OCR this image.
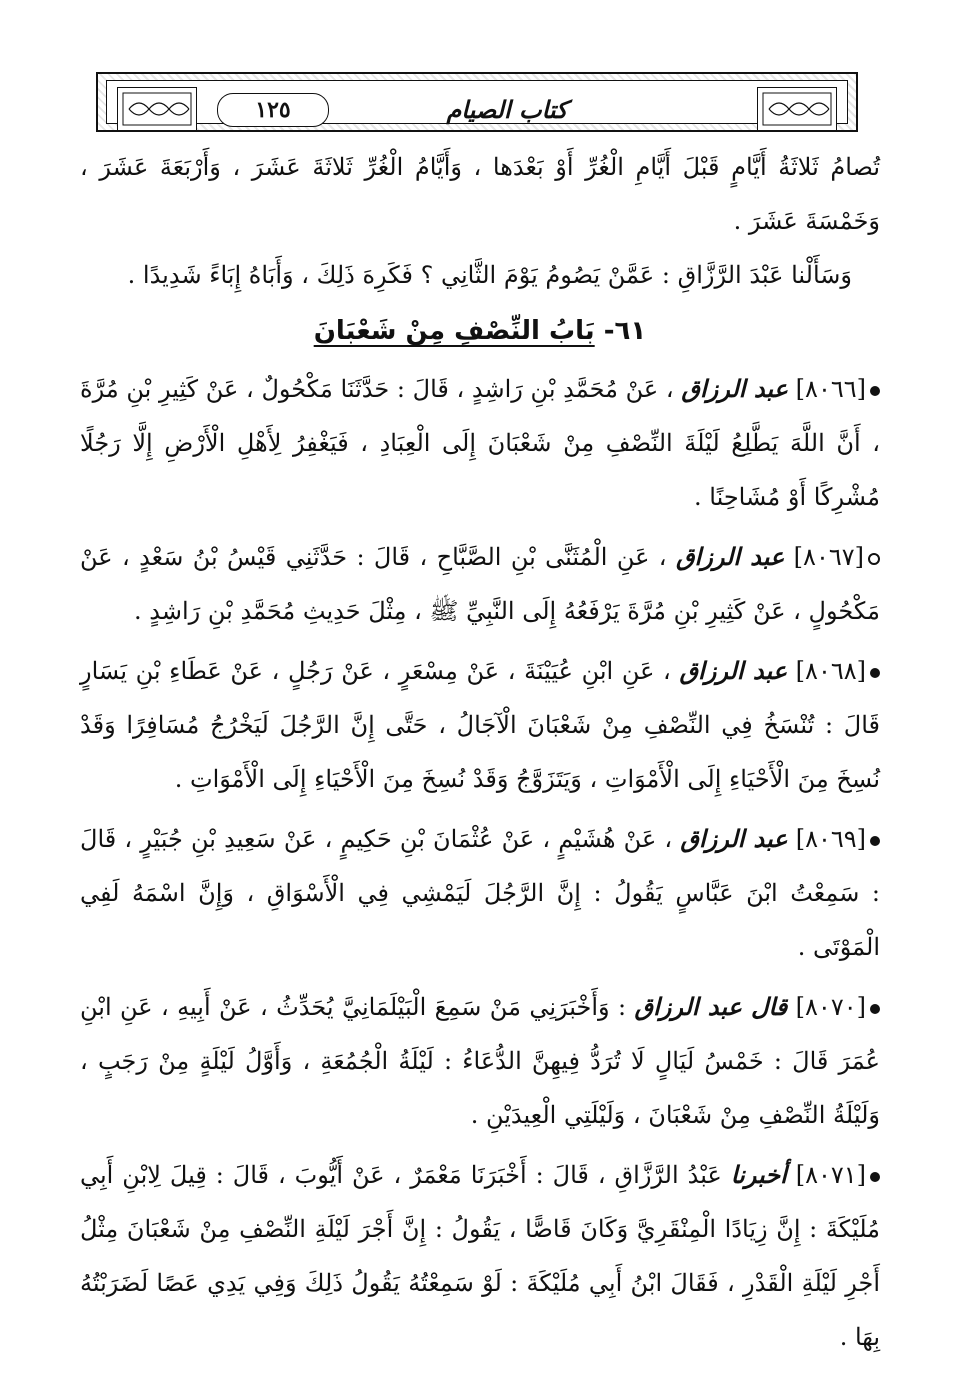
١٢٥	كتاب الصيام

تُصامُ ثَلاثَةُ أَيَّامٍ قَبْلَ أَيَّامِ الْغُرِّ أَوْ بَعْدَها ، وَأَيَّامُ الْغُرِّ ثَلاثَةَ عَشَرَ ، وَأَرْبَعَةَ عَشَرَ ، وَخَمْسَةَ عَشَرَ .

وَسَأَلْنا عَبْدَ الرَّزَّاقِ : عَمَّنْ يَصُومُ يَوْمَ الثَّانِي ؟ فَكَرِهَ ذَلِكَ ، وَأَبَاهُ إِبَاءً شَدِيدًا .

٦١- بَابُ النِّصْفِ مِنْ شَعْبَانَ

[٨٠٦٦] عبد الرزاق ، عَنْ مُحَمَّدِ بْنِ رَاشِدٍ ، قَالَ : حَدَّثَنَا مَكْحُولٌ ، عَنْ كَثِيرِ بْنِ مُرَّةَ ، أَنَّ اللَّهَ يَطَّلِعُ لَيْلَةَ النِّصْفِ مِنْ شَعْبَانَ إِلَى الْعِبَادِ ، فَيَغْفِرُ لِأَهْلِ الْأَرْضِ إِلَّا رَجُلًا مُشْرِكًا أَوْ مُشَاحِنًا .

[٨٠٦٧] عبد الرزاق ، عَنِ الْمُثَنَّى بْنِ الصَّبَّاحِ ، قَالَ : حَدَّثَنِي قَيْسُ بْنُ سَعْدٍ ، عَنْ مَكْحُولٍ ، عَنْ كَثِيرِ بْنِ مُرَّةَ يَرْفَعُهُ إِلَى النَّبِيِّ ﷺ ، مِثْلَ حَدِيثِ مُحَمَّدِ بْنِ رَاشِدٍ .

[٨٠٦٨] عبد الرزاق ، عَنِ ابْنِ عُيَيْنَةَ ، عَنْ مِسْعَرٍ ، عَنْ رَجُلٍ ، عَنْ عَطَاءِ بْنِ يَسَارٍ قَالَ : تُنْسَخُ فِي النِّصْفِ مِنْ شَعْبَانَ الْآجَالُ ، حَتَّى إِنَّ الرَّجُلَ لَيَخْرُجُ مُسَافِرًا وَقَدْ نُسِخَ مِنَ الْأَحْيَاءِ إِلَى الْأَمْوَاتِ ، وَيَتَزَوَّجُ وَقَدْ نُسِخَ مِنَ الْأَحْيَاءِ إِلَى الْأَمْوَاتِ .

[٨٠٦٩] عبد الرزاق ، عَنْ هُشَيْمٍ ، عَنْ عُثْمَانَ بْنِ حَكِيمٍ ، عَنْ سَعِيدِ بْنِ جُبَيْرٍ ، قَالَ : سَمِعْتُ ابْنَ عَبَّاسٍ يَقُولُ : إِنَّ الرَّجُلَ لَيَمْشِي فِي الْأَسْوَاقِ ، وَإِنَّ اسْمَهُ لَفِي الْمَوْتَى .

[٨٠٧٠] قال عبد الرزاق : وَأَخْبَرَنِي مَنْ سَمِعَ الْبَيْلَمَانِيَّ يُحَدِّثُ ، عَنْ أَبِيهِ ، عَنِ ابْنِ عُمَرَ قَالَ : خَمْسُ لَيَالٍ لَا تُرَدُّ فِيهِنَّ الدُّعَاءُ : لَيْلَةُ الْجُمُعَةِ ، وَأَوَّلُ لَيْلَةٍ مِنْ رَجَبٍ ، وَلَيْلَةُ النِّصْفِ مِنْ شَعْبَانَ ، وَلَيْلَتِي الْعِيدَيْنِ .

[٨٠٧١] أخبرنا عَبْدُ الرَّزَّاقِ ، قَالَ : أَخْبَرَنَا مَعْمَرٌ ، عَنْ أَيُّوبَ ، قَالَ : قِيلَ لِابْنِ أَبِي مُلَيْكَةَ : إِنَّ زِيَادًا الْمِنْقَرِيَّ وَكَانَ قَاصًّا ، يَقُولُ : إِنَّ أَجْرَ لَيْلَةِ النِّصْفِ مِنْ شَعْبَانَ مِثْلُ أَجْرِ لَيْلَةِ الْقَدْرِ ، فَقَالَ ابْنُ أَبِي مُلَيْكَةَ : لَوْ سَمِعْتُهُ يَقُولُ ذَلِكَ وَفِي يَدِي عَصًا لَضَرَبْتُهُ بِهَا .
